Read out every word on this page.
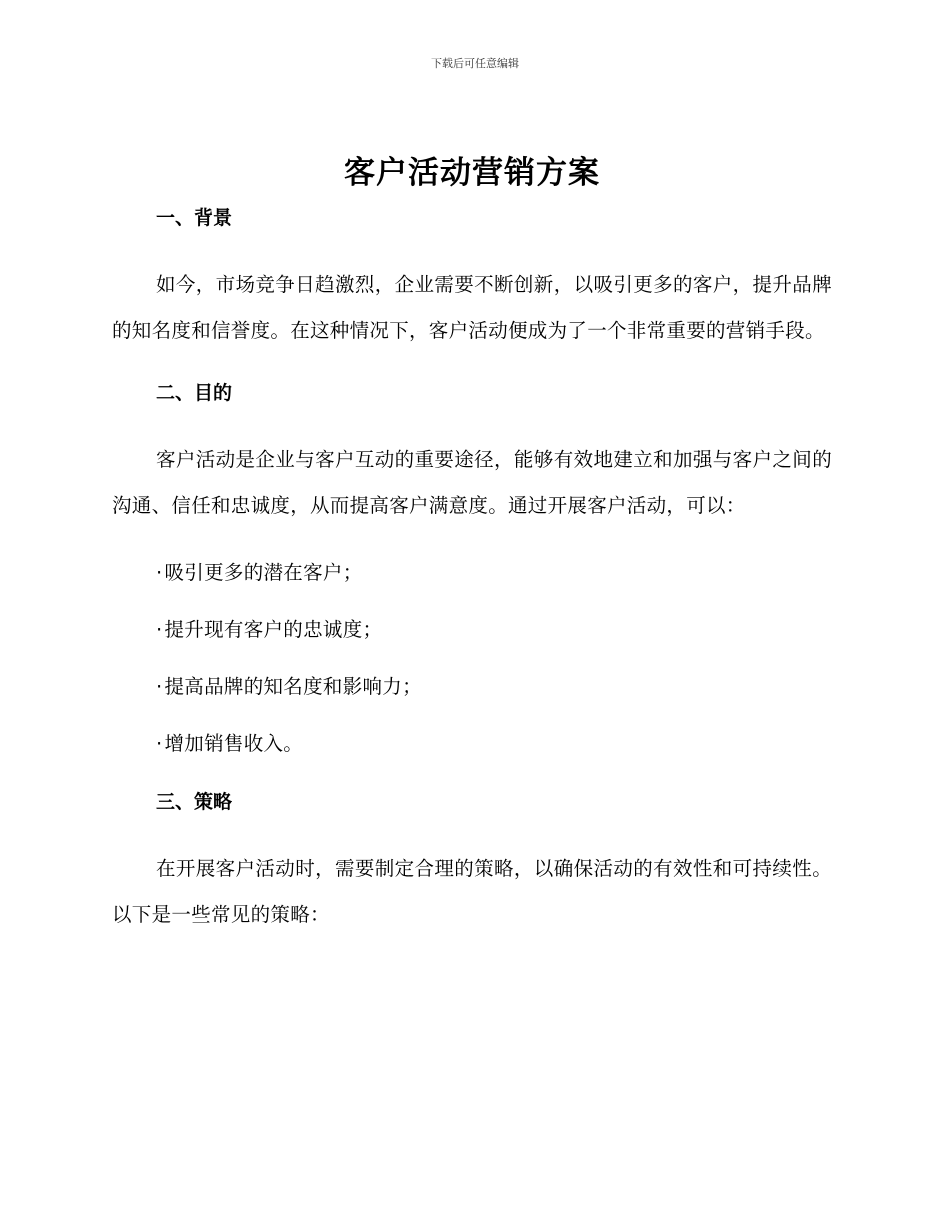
下载后可任意编辑
客户活动营销方案
一、背景

如今，市场竞争日趋激烈，企业需要不断创新，以吸引更多的客户，提升品牌的知名度和信誉度。在这种情况下，客户活动便成为了一个非常重要的营销手段。

二、目的

客户活动是企业与客户互动的重要途径，能够有效地建立和加强与客户之间的沟通、信任和忠诚度，从而提高客户满意度。通过开展客户活动，可以：

· 吸引更多的潜在客户；
· 提升现有客户的忠诚度；
· 提高品牌的知名度和影响力；
· 增加销售收入。
三、策略

在开展客户活动时，需要制定合理的策略，以确保活动的有效性和可持续性。以下是一些常见的策略：
